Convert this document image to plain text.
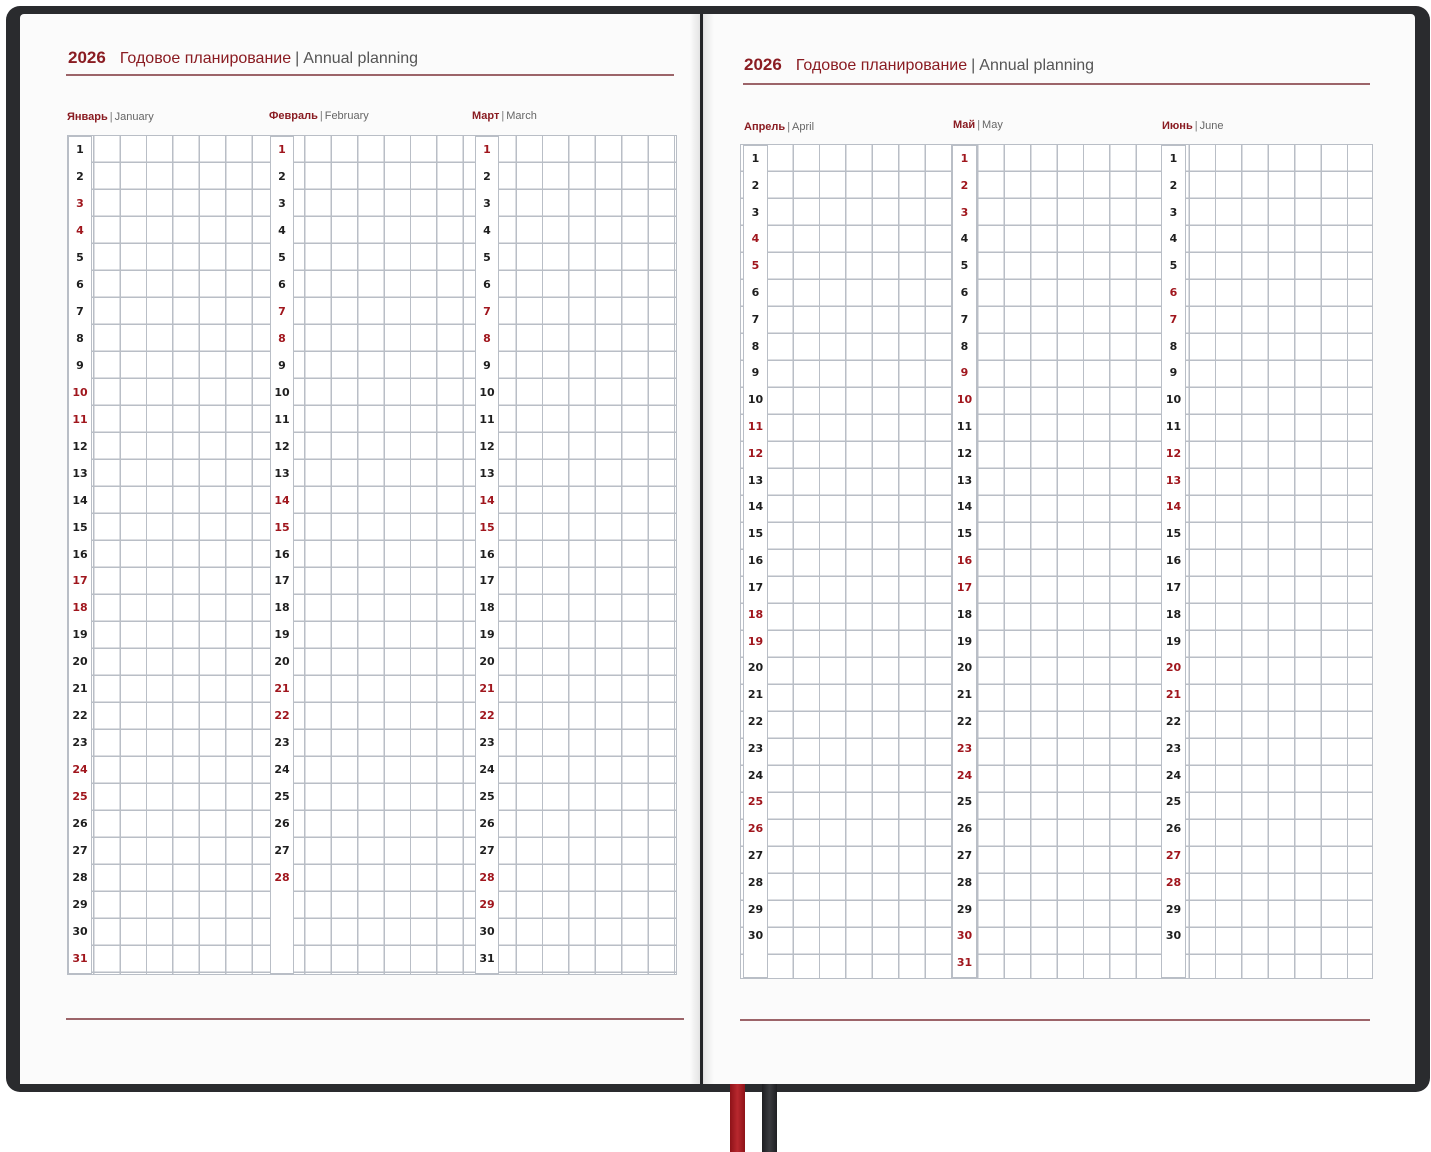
2026 Годовое планирование | Annual planning	2026 Годовое планирование | Annual planning
Январь | January	Февраль | February	Март | March
Апрель | April	Май | May	Июнь | June
1
2
3
4
5
6
7
8
9
10
11
12
13
14
15
16
17
18
19
20
21
22
23
24
25
26
27
28
29
30
31
1
2
3
4
5
6
7
8
9
10
11
12
13
14
15
16
17
18
19
20
21
22
23
24
25
26
27
28
1
2
3
4
5
6
7
8
9
10
11
12
13
14
15
16
17
18
19
20
21
22
23
24
25
26
27
28
29
30
31
1
2
3
4
5
6
7
8
9
10
11
12
13
14
15
16
17
18
19
20
21
22
23
24
25
26
27
28
29
30
1
2
3
4
5
6
7
8
9
10
11
12
13
14
15
16
17
18
19
20
21
22
23
24
25
26
27
28
29
30
31
1
2
3
4
5
6
7
8
9
10
11
12
13
14
15
16
17
18
19
20
21
22
23
24
25
26
27
28
29
30
